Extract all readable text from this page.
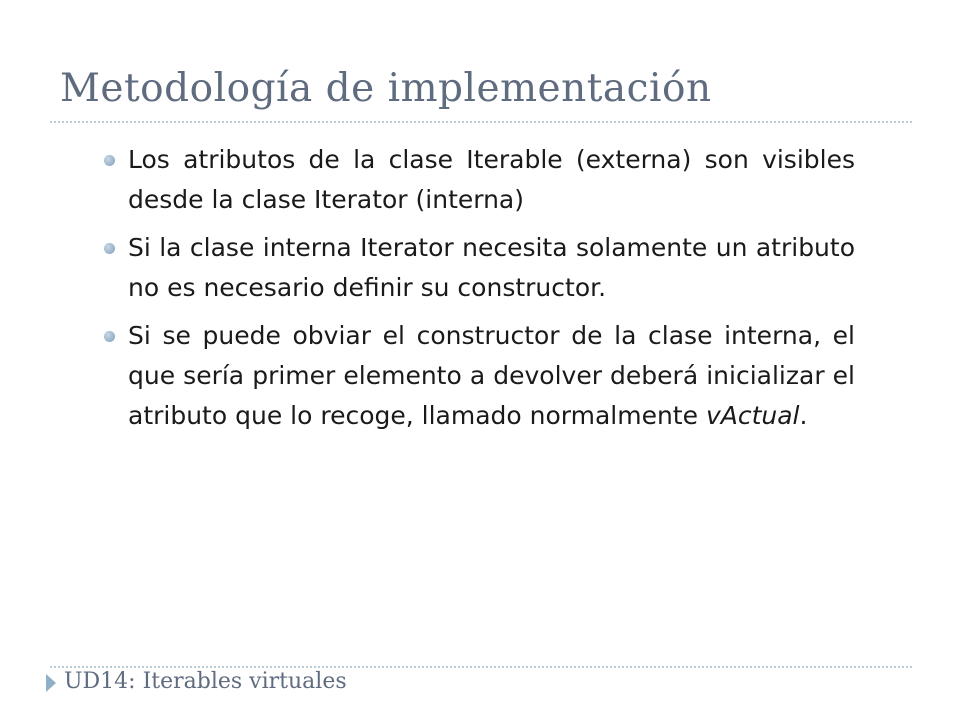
Metodología de implementación
Los atributos de la clase Iterable (externa) son visibles desde la clase Iterator (interna)
Si la clase interna Iterator necesita solamente un atributo no es necesario definir su constructor.
Si se puede obviar el constructor de la clase interna, el que sería primer elemento a devolver deberá inicializar el atributo que lo recoge, llamado normalmente vActual.
UD14: Iterables virtuales
